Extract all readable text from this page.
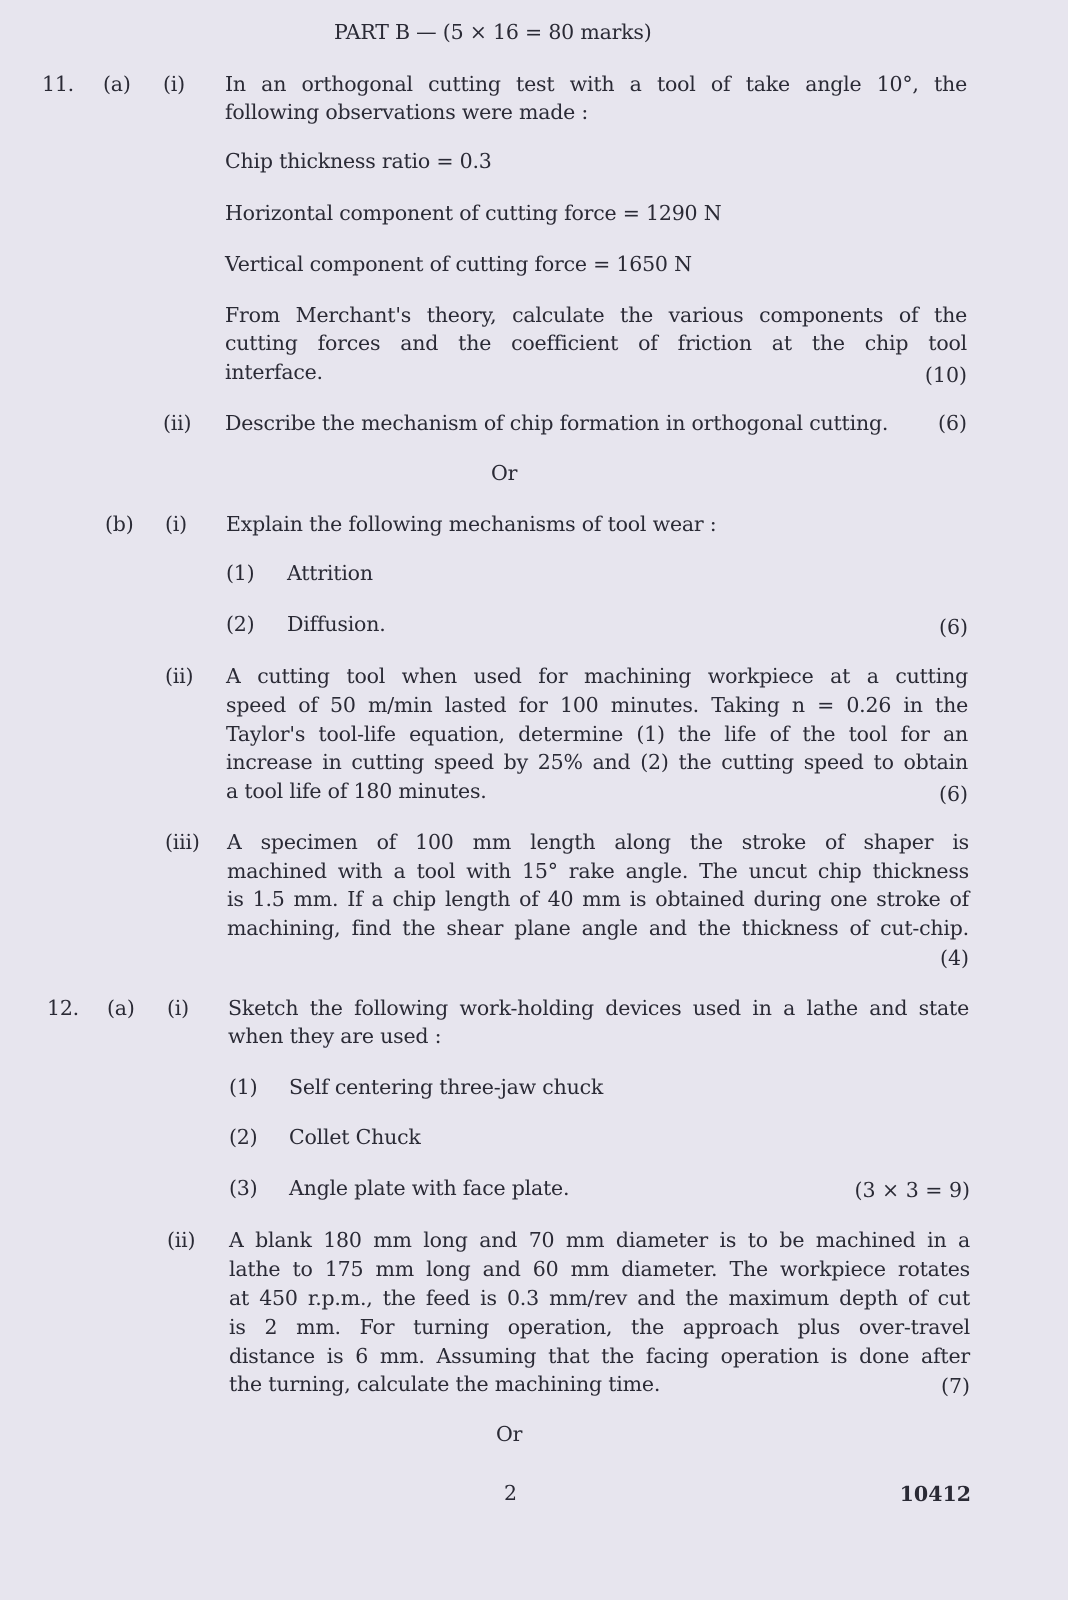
PART B — (5 × 16 = 80 marks)
11. (a) (i) In an orthogonal cutting test with a tool of take angle 10°, the
following observations were made :
Chip thickness ratio = 0.3
Horizontal component of cutting force = 1290 N
Vertical component of cutting force = 1650 N
From Merchant's theory, calculate the various components of the
cutting forces and the coefficient of friction at the chip tool
interface.	(10)
(ii) Describe the mechanism of chip formation in orthogonal cutting. (6)
Or
(b) (i) Explain the following mechanisms of tool wear :
(1) Attrition
(2) Diffusion.	(6)
(ii) A cutting tool when used for machining workpiece at a cutting
speed of 50 m/min lasted for 100 minutes. Taking n = 0.26 in the
Taylor's tool-life equation, determine (1) the life of the tool for an
increase in cutting speed by 25% and (2) the cutting speed to obtain
a tool life of 180 minutes.	(6)
(iii) A specimen of 100 mm length along the stroke of shaper is
machined with a tool with 15° rake angle. The uncut chip thickness
is 1.5 mm. If a chip length of 40 mm is obtained during one stroke of
machining, find the shear plane angle and the thickness of cut-chip.
(4)
12. (a) (i) Sketch the following work-holding devices used in a lathe and state
when they are used :
(1) Self centering three-jaw chuck
(2) Collet Chuck
(3) Angle plate with face plate.	(3 × 3 = 9)
(ii) A blank 180 mm long and 70 mm diameter is to be machined in a
lathe to 175 mm long and 60 mm diameter. The workpiece rotates
at 450 r.p.m., the feed is 0.3 mm/rev and the maximum depth of cut
is 2 mm. For turning operation, the approach plus over-travel
distance is 6 mm. Assuming that the facing operation is done after
the turning, calculate the machining time.	(7)
Or
2	10412
